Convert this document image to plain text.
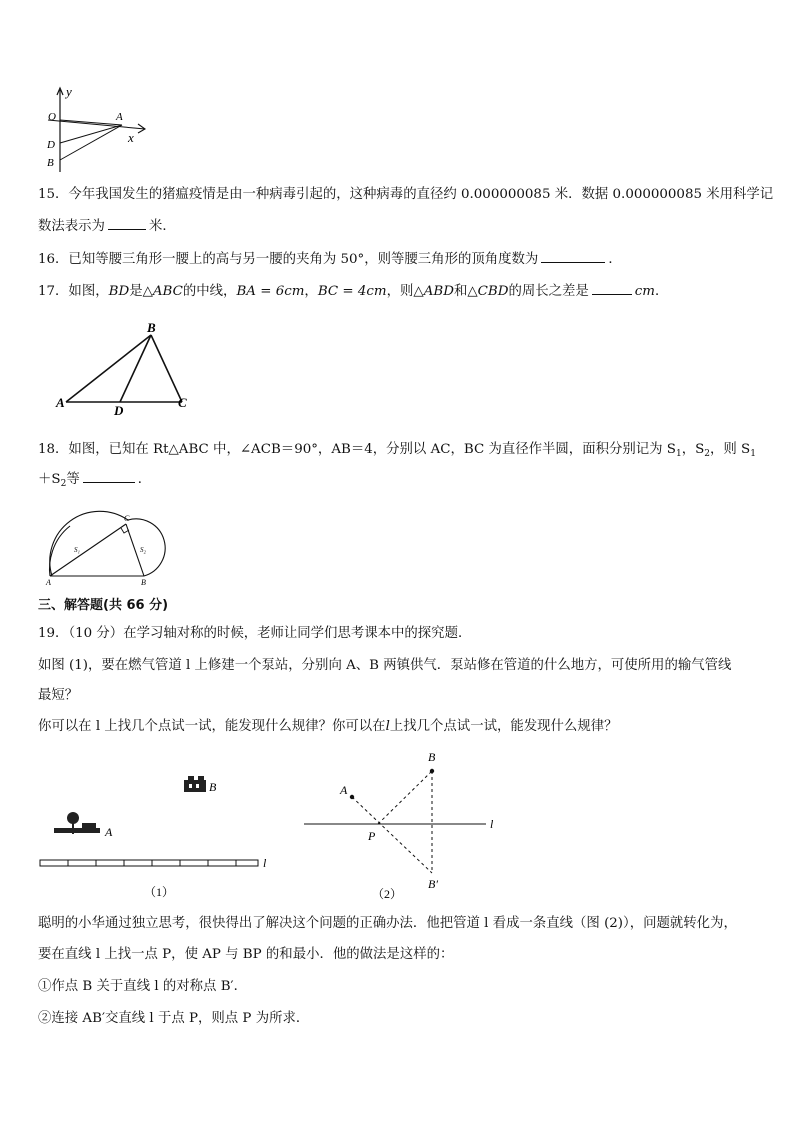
y
O	A
x
D
B
15．今年我国发生的猪瘟疫情是由一种病毒引起的，这种病毒的直径约 0.000000085 米．数据 0.000000085 米用科学记
数法表示为	米．
16．已知等腰三角形一腰上的高与另一腰的夹角为 50°，则等腰三角形的顶角度数为	．
17．如图，BD是△ABC的中线，BA = 6cm，BC = 4cm，则△ABD和△CBD的周长之差是	cm．
B
A	C
D
18．如图，已知在 Rt△ABC 中，∠ACB＝90°，AB＝4，分别以 AC，BC 为直径作半圆，面积分别记为 $S_1$，$S_2$，则 $S_1$
$+S_2$等	．
C
A	B
S₁	S₂
三、解答题(共 66 分)
19．（10 分）在学习轴对称的时候，老师让同学们思考课本中的探究题．
如图 (1)，要在燃气管道 l 上修建一个泵站，分别向 A、B 两镇供气．泵站修在管道的什么地方，可使所用的输气管线
最短？
你可以在 l 上找几个点试一试，能发现什么规律？你可以在l上找几个点试一试，能发现什么规律？
B
A
l
（1）
l
A
B
P
B′
（2）
聪明的小华通过独立思考，很快得出了解决这个问题的正确办法．他把管道 l 看成一条直线（图 (2)），问题就转化为，
要在直线 l 上找一点 P，使 AP 与 BP 的和最小．他的做法是这样的：
①作点 B 关于直线 l 的对称点 B′．
②连接 AB′交直线 l 于点 P，则点 P 为所求．
